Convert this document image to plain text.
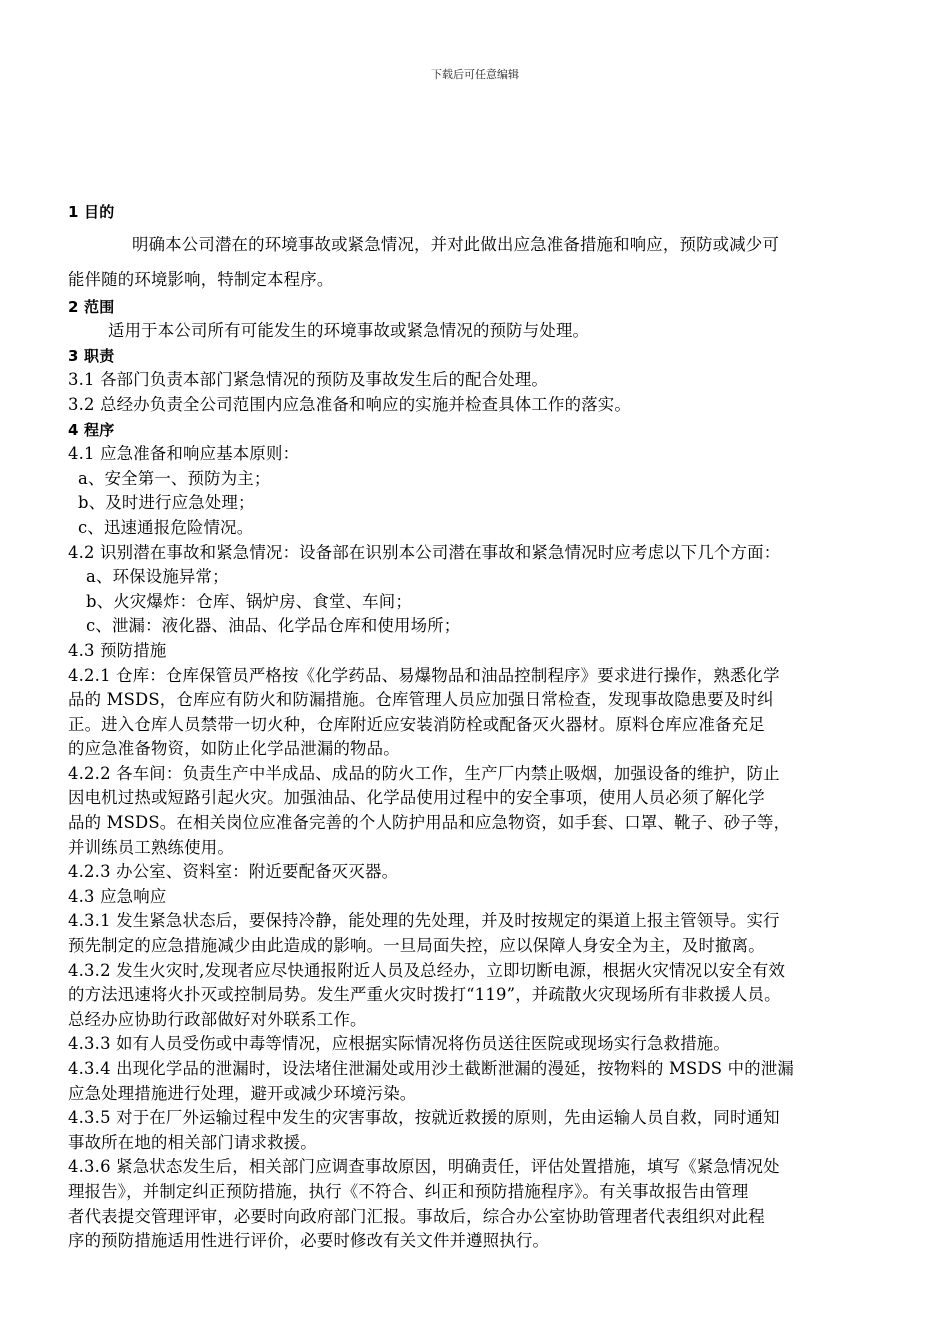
下载后可任意编辑
1 目的
明确本公司潜在的环境事故或紧急情况，并对此做出应急准备措施和响应，预防或减少可
能伴随的环境影响，特制定本程序。
2 范围
适用于本公司所有可能发生的环境事故或紧急情况的预防与处理。
3 职责
3.1 各部门负责本部门紧急情况的预防及事故发生后的配合处理。
3.2 总经办负责全公司范围内应急准备和响应的实施并检查具体工作的落实。
4 程序
4.1 应急准备和响应基本原则：
a、安全第一、预防为主；
b、及时进行应急处理；
c、迅速通报危险情况。
4.2 识别潜在事故和紧急情况：设备部在识别本公司潜在事故和紧急情况时应考虑以下几个方面：
a、环保设施异常；
b、火灾爆炸：仓库、锅炉房、食堂、车间；
c、泄漏：液化器、油品、化学品仓库和使用场所；
4.3 预防措施
4.2.1 仓库：仓库保管员严格按《化学药品、易爆物品和油品控制程序》要求进行操作，熟悉化学
品的 MSDS，仓库应有防火和防漏措施。仓库管理人员应加强日常检查，发现事故隐患要及时纠
正。进入仓库人员禁带一切火种，仓库附近应安装消防栓或配备灭火器材。原料仓库应准备充足
的应急准备物资，如防止化学品泄漏的物品。
4.2.2 各车间：负责生产中半成品、成品的防火工作，生产厂内禁止吸烟，加强设备的维护，防止
因电机过热或短路引起火灾。加强油品、化学品使用过程中的安全事项，使用人员必须了解化学
品的 MSDS。在相关岗位应准备完善的个人防护用品和应急物资，如手套、口罩、靴子、砂子等，
并训练员工熟练使用。
4.2.3 办公室、资料室：附近要配备灭灭器。
4.3 应急响应
4.3.1 发生紧急状态后，要保持冷静，能处理的先处理，并及时按规定的渠道上报主管领导。实行
预先制定的应急措施减少由此造成的影响。一旦局面失控，应以保障人身安全为主，及时撤离。
4.3.2 发生火灾时,发现者应尽快通报附近人员及总经办，立即切断电源，根据火灾情况以安全有效
的方法迅速将火扑灭或控制局势。发生严重火灾时拨打“119”，并疏散火灾现场所有非救援人员。
总经办应协助行政部做好对外联系工作。
4.3.3 如有人员受伤或中毒等情况，应根据实际情况将伤员送往医院或现场实行急救措施。
4.3.4 出现化学品的泄漏时，设法堵住泄漏处或用沙土截断泄漏的漫延，按物料的 MSDS 中的泄漏
应急处理措施进行处理，避开或减少环境污染。
4.3.5 对于在厂外运输过程中发生的灾害事故，按就近救援的原则，先由运输人员自救，同时通知
事故所在地的相关部门请求救援。
4.3.6 紧急状态发生后，相关部门应调查事故原因，明确责任，评估处置措施，填写《紧急情况处
理报告》，并制定纠正预防措施，执行《不符合、纠正和预防措施程序》。有关事故报告由管理
者代表提交管理评审，必要时向政府部门汇报。事故后，综合办公室协助管理者代表组织对此程
序的预防措施适用性进行评价，必要时修改有关文件并遵照执行。
